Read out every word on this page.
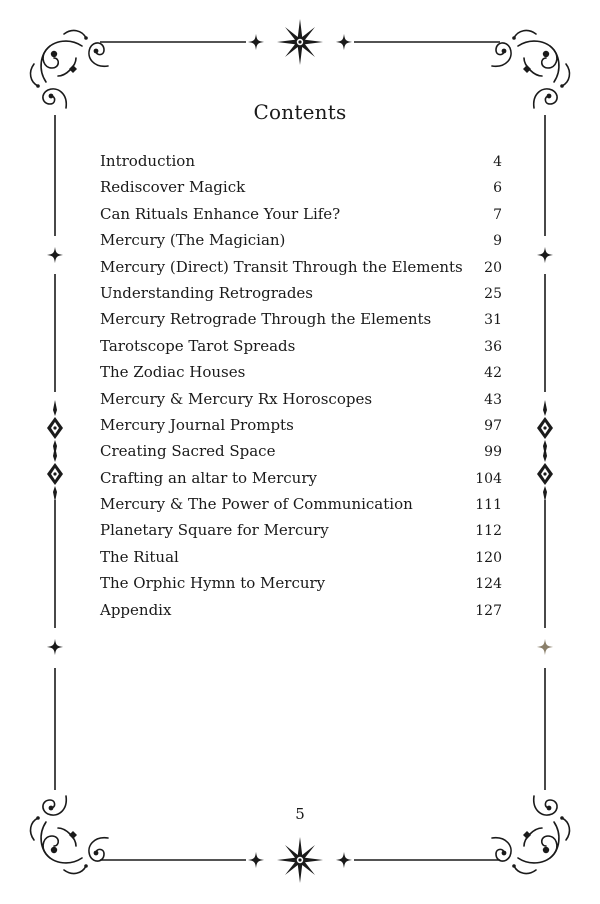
Contents
Introduction	4
Rediscover Magick	6
Can Rituals Enhance Your Life?	7
Mercury (The Magician)	9
Mercury (Direct) Transit Through the Elements 20
Understanding Retrogrades	25
Mercury Retrograde Through the Elements	31
Tarotscope Tarot Spreads	36
The Zodiac Houses	42
Mercury & Mercury Rx Horoscopes	43
Mercury Journal Prompts	97
Creating Sacred Space	99
Crafting an altar to Mercury	104
Mercury & The Power of Communication	111
Planetary Square for Mercury	112
The Ritual	120
The Orphic Hymn to Mercury	124
Appendix	127
5
